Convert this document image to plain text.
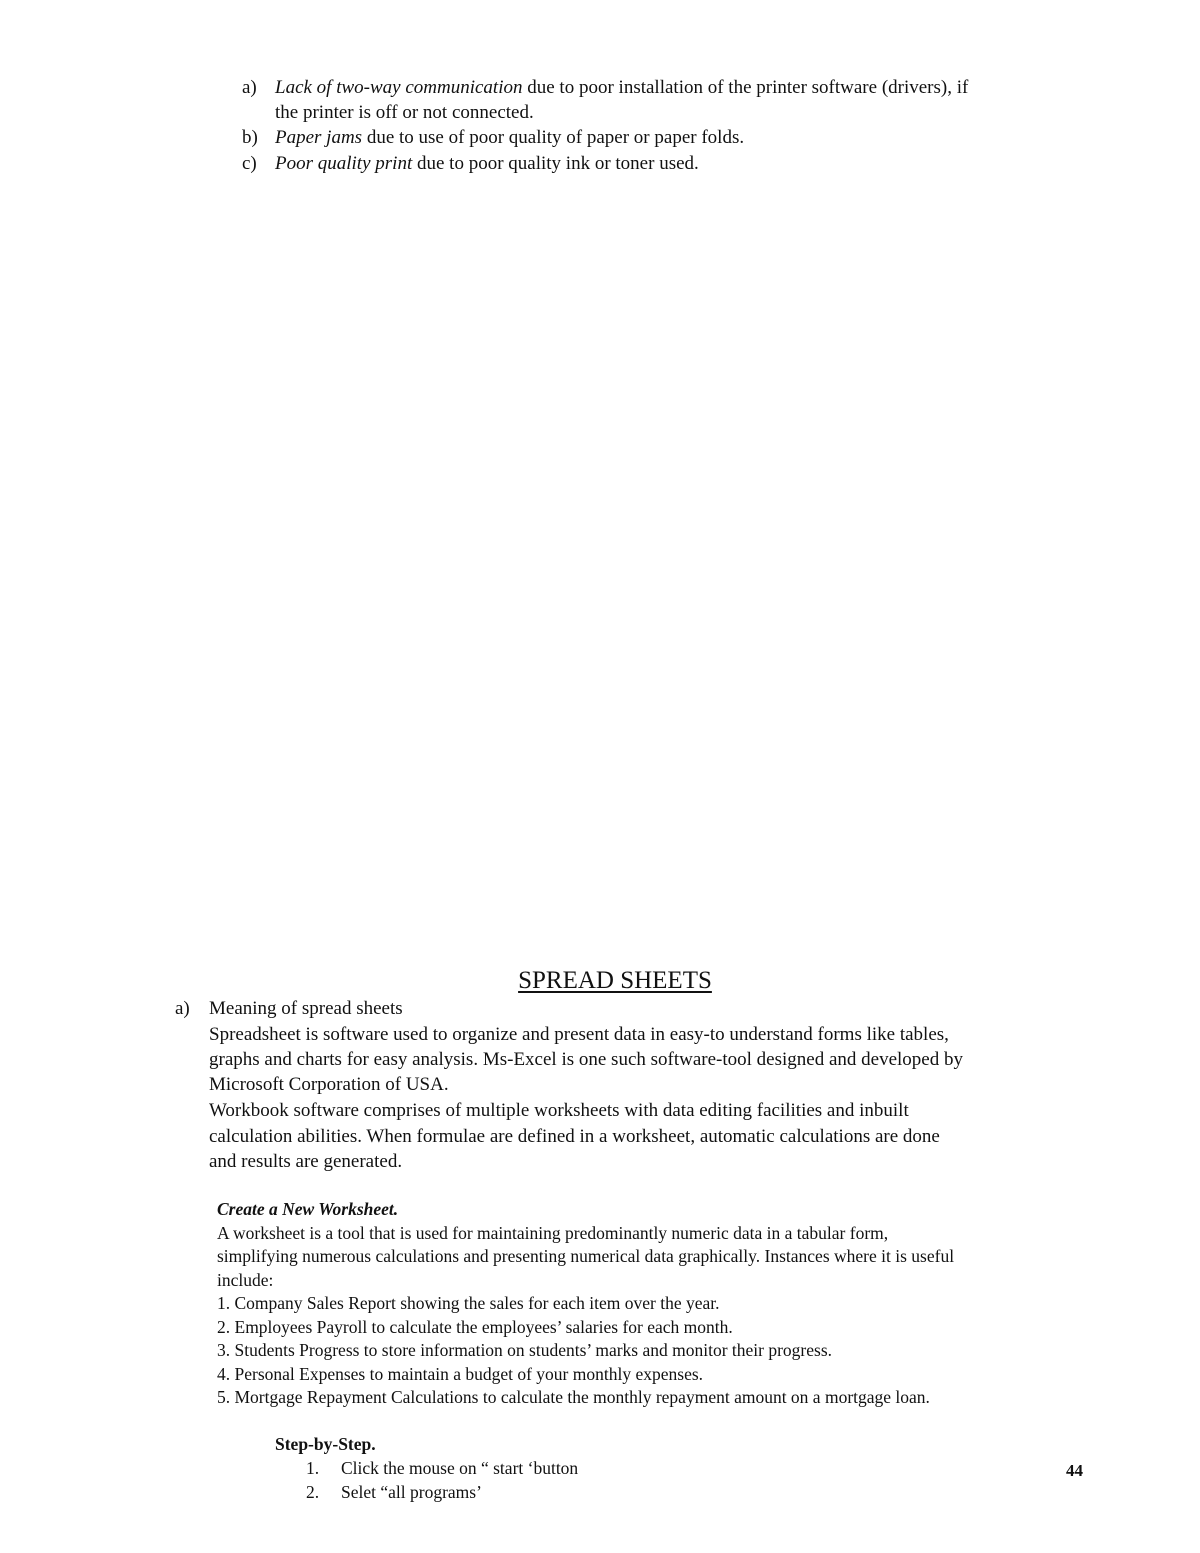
a) Lack of two-way communication due to poor installation of the printer software (drivers), if
the printer is off or not connected.
b) Paper jams due to use of poor quality of paper or paper folds.
c) Poor quality print due to poor quality ink or toner used.
SPREAD SHEETS
a) Meaning of spread sheets
Spreadsheet is software used to organize and present data in easy-to understand forms like tables,
graphs and charts for easy analysis. Ms-Excel is one such software-tool designed and developed by
Microsoft Corporation of USA.
Workbook software comprises of multiple worksheets with data editing facilities and inbuilt
calculation abilities. When formulae are defined in a worksheet, automatic calculations are done
and results are generated.
Create a New Worksheet.
A worksheet is a tool that is used for maintaining predominantly numeric data in a tabular form,
simplifying numerous calculations and presenting numerical data graphically. Instances where it is useful
include:
1. Company Sales Report showing the sales for each item over the year.
2. Employees Payroll to calculate the employees’ salaries for each month.
3. Students Progress to store information on students’ marks and monitor their progress.
4. Personal Expenses to maintain a budget of your monthly expenses.
5. Mortgage Repayment Calculations to calculate the monthly repayment amount on a mortgage loan.
Step-by-Step.
1. Click the mouse on “ start ‘button
2. Selet “all programs’
44
